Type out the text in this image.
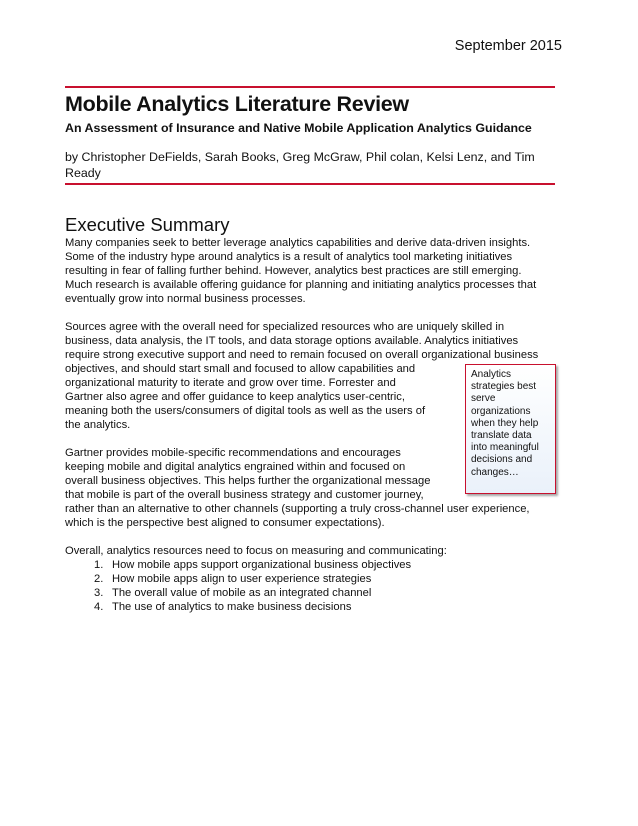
September 2015
Mobile Analytics Literature Review
An Assessment of Insurance and Native Mobile Application Analytics Guidance
by Christopher DeFields, Sarah Books, Greg McGraw, Phil colan, Kelsi Lenz, and Tim Ready
Executive Summary
Many companies seek to better leverage analytics capabilities and derive data-driven insights.
Some of the industry hype around analytics is a result of analytics tool marketing initiatives
resulting in fear of falling further behind. However, analytics best practices are still emerging.
Much research is available offering guidance for planning and initiating analytics processes that
eventually grow into normal business processes.
Sources agree with the overall need for specialized resources who are uniquely skilled in
business, data analysis, the IT tools, and data storage options available. Analytics initiatives
require strong executive support and need to remain focused on overall organizational business
objectives, and should start small and focused to allow capabilities and
organizational maturity to iterate and grow over time. Forrester and
Gartner also agree and offer guidance to keep analytics user-centric,
meaning both the users/consumers of digital tools as well as the users of
the analytics.
Gartner provides mobile-specific recommendations and encourages
keeping mobile and digital analytics engrained within and focused on
overall business objectives. This helps further the organizational message
that mobile is part of the overall business strategy and customer journey,
rather than an alternative to other channels (supporting a truly cross-channel user experience,
which is the perspective best aligned to consumer expectations).
Overall, analytics resources need to focus on measuring and communicating:
1. How mobile apps support organizational business objectives
2. How mobile apps align to user experience strategies
3. The overall value of mobile as an integrated channel
4. The use of analytics to make business decisions
Analytics
strategies best
serve
organizations
when they help
translate data
into meaningful
decisions and
changes…
